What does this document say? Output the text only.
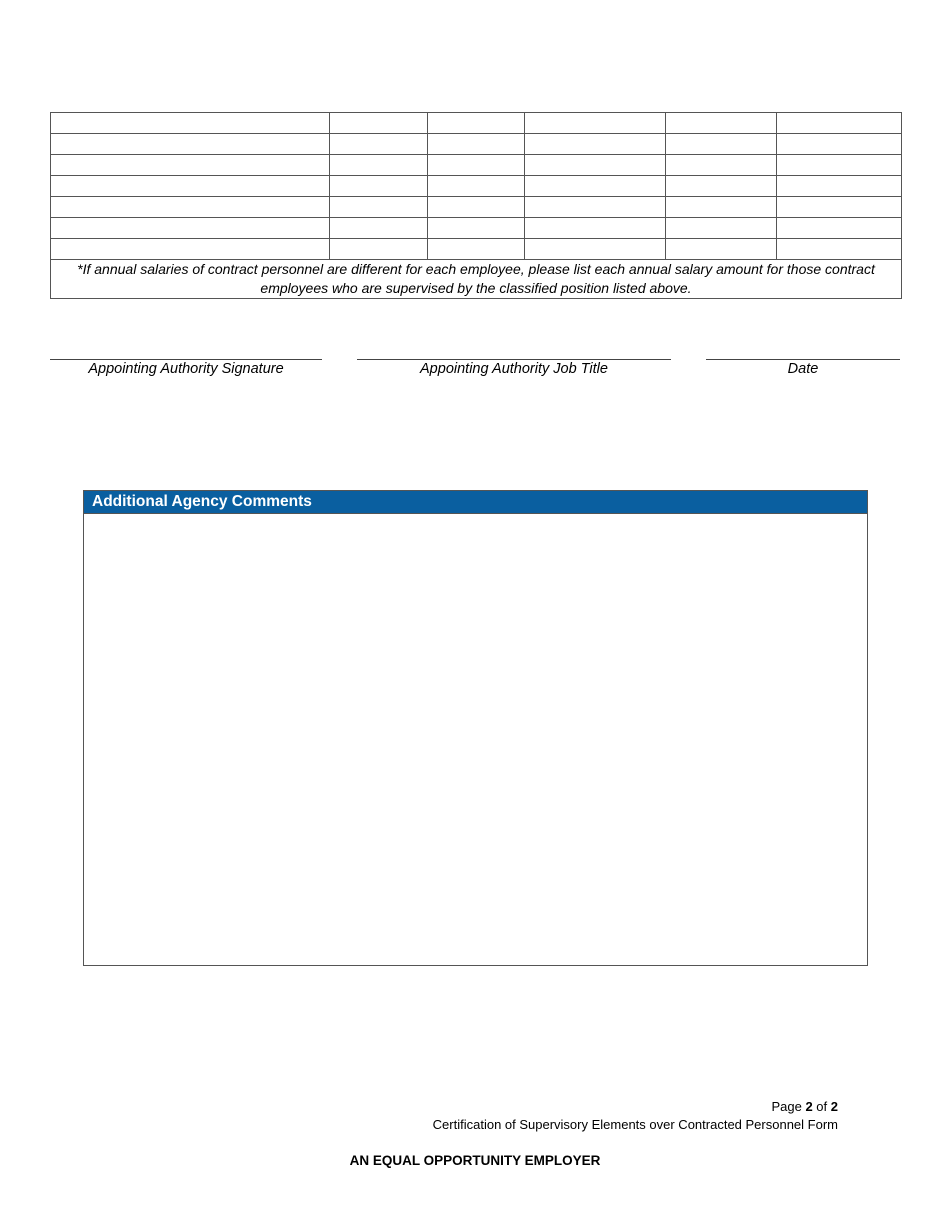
*If annual salaries of contract personnel are different for each employee, please list each annual salary amount for those contract employees who are supervised by the classified position listed above.					
Appointing Authority Signature	Appointing Authority Job Title	Date
Additional Agency Comments
Page 2 of 2
Certification of Supervisory Elements over Contracted Personnel Form
AN EQUAL OPPORTUNITY EMPLOYER
